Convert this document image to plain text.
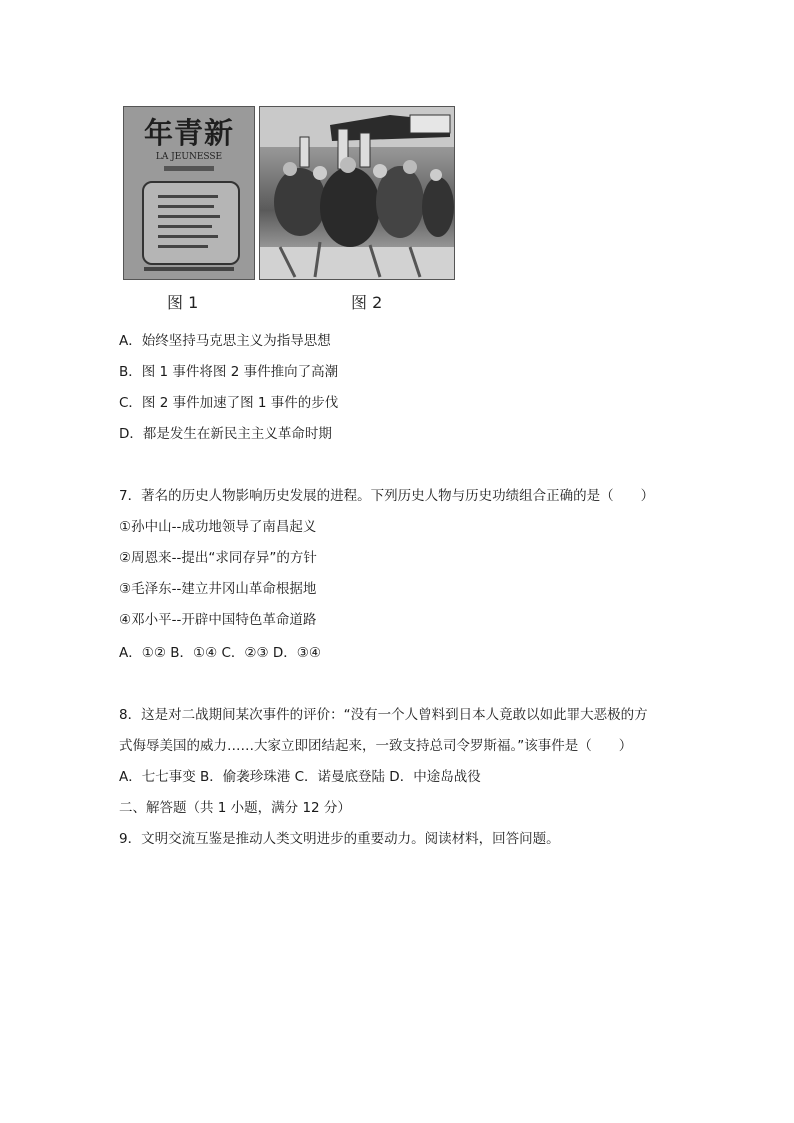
年青新
LA JEUNESSE
图 1	图 2
A．始终坚持马克思主义为指导思想
B．图 1 事件将图 2 事件推向了高潮
C．图 2 事件加速了图 1 事件的步伐
D．都是发生在新民主主义革命时期
7．著名的历史人物影响历史发展的进程。下列历史人物与历史功绩组合正确的是（　　）
①孙中山--成功地领导了南昌起义
②周恩来--提出“求同存异”的方针
③毛泽东--建立井冈山革命根据地
④邓小平--开辟中国特色革命道路
A．①② B．①④ C．②③ D．③④
8．这是对二战期间某次事件的评价：“没有一个人曾料到日本人竟敢以如此罪大恶极的方
式侮辱美国的威力……大家立即团结起来，一致支持总司令罗斯福。”该事件是（　　）
A．七七事变 B．偷袭珍珠港 C．诺曼底登陆 D．中途岛战役
二、解答题（共 1 小题，满分 12 分）
9．文明交流互鉴是推动人类文明进步的重要动力。阅读材料，回答问题。
